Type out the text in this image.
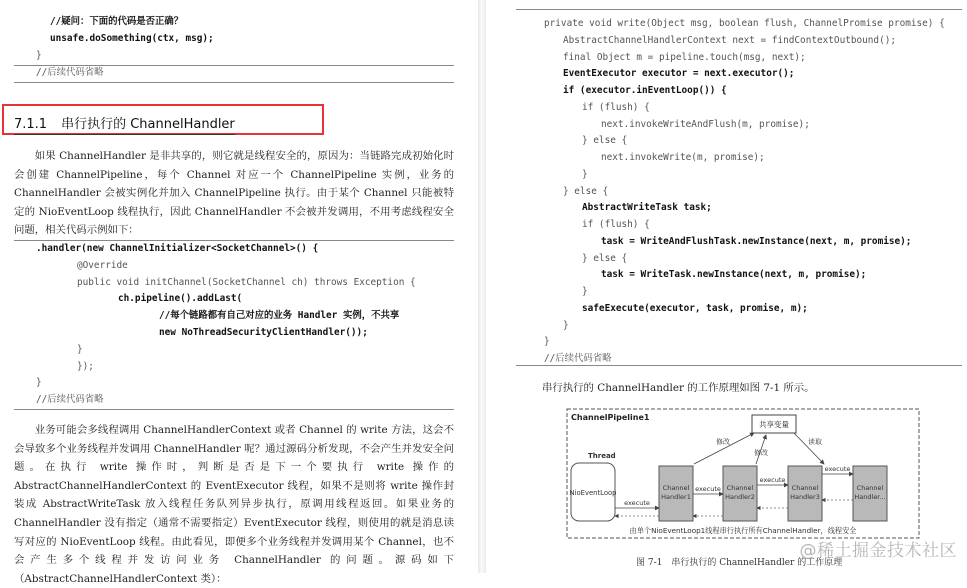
//疑问：下面的代码是否正确？
unsafe.doSomething(ctx, msg);
}
//后续代码省略
7.1.1 串行执行的 ChannelHandler

如果 ChannelHandler 是非共享的，则它就是线程安全的，原因为：当链路完成初始化时会创建 ChannelPipeline，每个 Channel 对应一个 ChannelPipeline 实例，业务的 ChannelHandler 会被实例化并加入 ChannelPipeline 执行。由于某个 Channel 只能被特定的 NioEventLoop 线程执行，因此 ChannelHandler 不会被并发调用，不用考虑线程安全问题，相关代码示例如下：

.handler(new ChannelInitializer<SocketChannel>() {
@Override
public void initChannel(SocketChannel ch) throws Exception {
ch.pipeline().addLast(
//每个链路都有自己对应的业务 Handler 实例，不共享
new NoThreadSecurityClientHandler());
}
});
}
//后续代码省略

业务可能会多线程调用 ChannelHandlerContext 或者 Channel 的 write 方法，这会不会导致多个业务线程并发调用 ChannelHandler 呢？通过源码分析发现，不会产生并发安全问题。在执行 write 操作时，判断是否是下一个要执行 write 操作的 AbstractChannelHandlerContext 的 EventExecutor 线程，如果不是则将 write 操作封装成 AbstractWriteTask 放入线程任务队列异步执行，原调用线程返回。如果业务的 ChannelHandler 没有指定（通常不需要指定）EventExecutor 线程，则使用的就是消息读写对应的 NioEventLoop 线程。由此看见，即便多个业务线程并发调用某个 Channel，也不会产生多个线程并发访问业务 ChannelHandler 的问题。源码如下（AbstractChannelHandlerContext 类）：

private void write(Object msg, boolean flush, ChannelPromise promise) {
AbstractChannelHandlerContext next = findContextOutbound();
final Object m = pipeline.touch(msg, next);
EventExecutor executor = next.executor();
if (executor.inEventLoop()) {
if (flush) {
next.invokeWriteAndFlush(m, promise);
} else {
next.invokeWrite(m, promise);
}
} else {
AbstractWriteTask task;
if (flush) {
task = WriteAndFlushTask.newInstance(next, m, promise);
} else {
task = WriteTask.newInstance(next, m, promise);
}
safeExecute(executor, task, promise, m);
}
}
//后续代码省略
串行执行的 ChannelHandler 的工作原理如图 7-1 所示。
ChannelPipeline1
共享变量
修改
修改
读取
Thread
NioEventLoop
Channel
Handler1
Channel
Handler2
Channel
Handler3
Channel
Handler...
execute
execute
execute
execute
由单个NioEventLoop1线程串行执行所有ChannelHandler，线程安全
图 7-1　串行执行的 ChannelHandler 的工作原理
@稀土掘金技术社区
